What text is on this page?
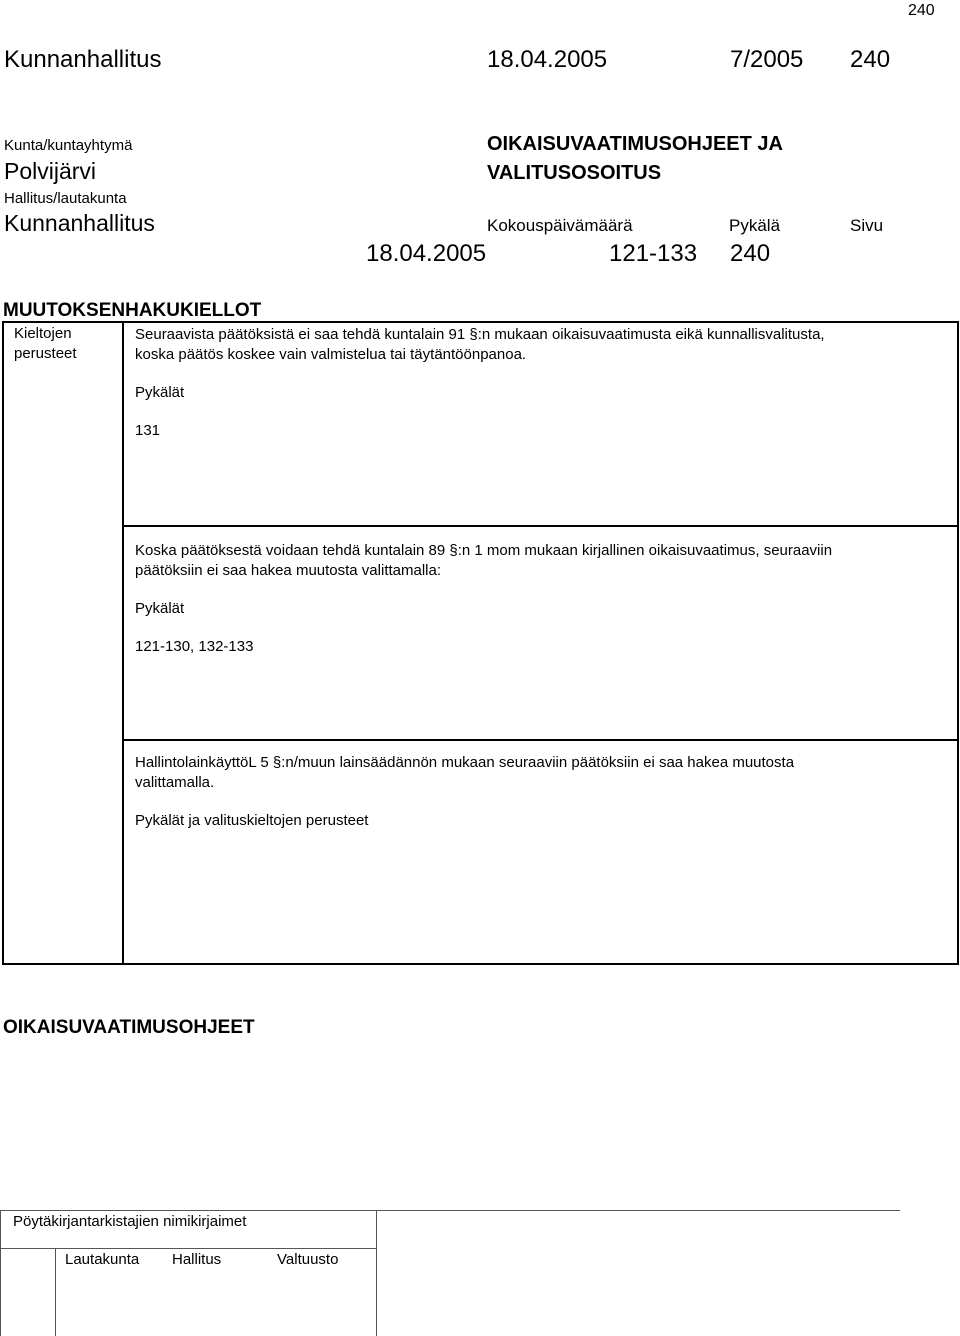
240
Kunnanhallitus	18.04.2005	7/2005 240
Kunta/kuntayhtymä
Polvijärvi
Hallitus/lautakunta
Kunnanhallitus
OIKAISUVAATIMUSOHJEET JA
VALITUSOSOITUS
Kokouspäivämäärä	Pykälä	Sivu
18.04.2005	121-133 240
MUUTOKSENHAKUKIELLOT
Kieltojen
perusteet
Seuraavista päätöksistä ei saa tehdä kuntalain 91 §:n mukaan oikaisuvaatimusta eikä kunnallisvalitusta,
koska päätös koskee vain valmistelua tai täytäntöönpanoa.
Pykälät
131
Koska päätöksestä voidaan tehdä kuntalain 89 §:n 1 mom mukaan kirjallinen oikaisuvaatimus, seuraaviin
päätöksiin ei saa hakea muutosta valittamalla:
Pykälät
121-130, 132-133
HallintolainkäyttöL 5 §:n/muun lainsäädännön mukaan seuraaviin päätöksiin ei saa hakea muutosta
valittamalla.
Pykälät ja valituskieltojen perusteet
OIKAISUVAATIMUSOHJEET
Pöytäkirjantarkistajien nimikirjaimet
Lautakunta Hallitus	Valtuusto
